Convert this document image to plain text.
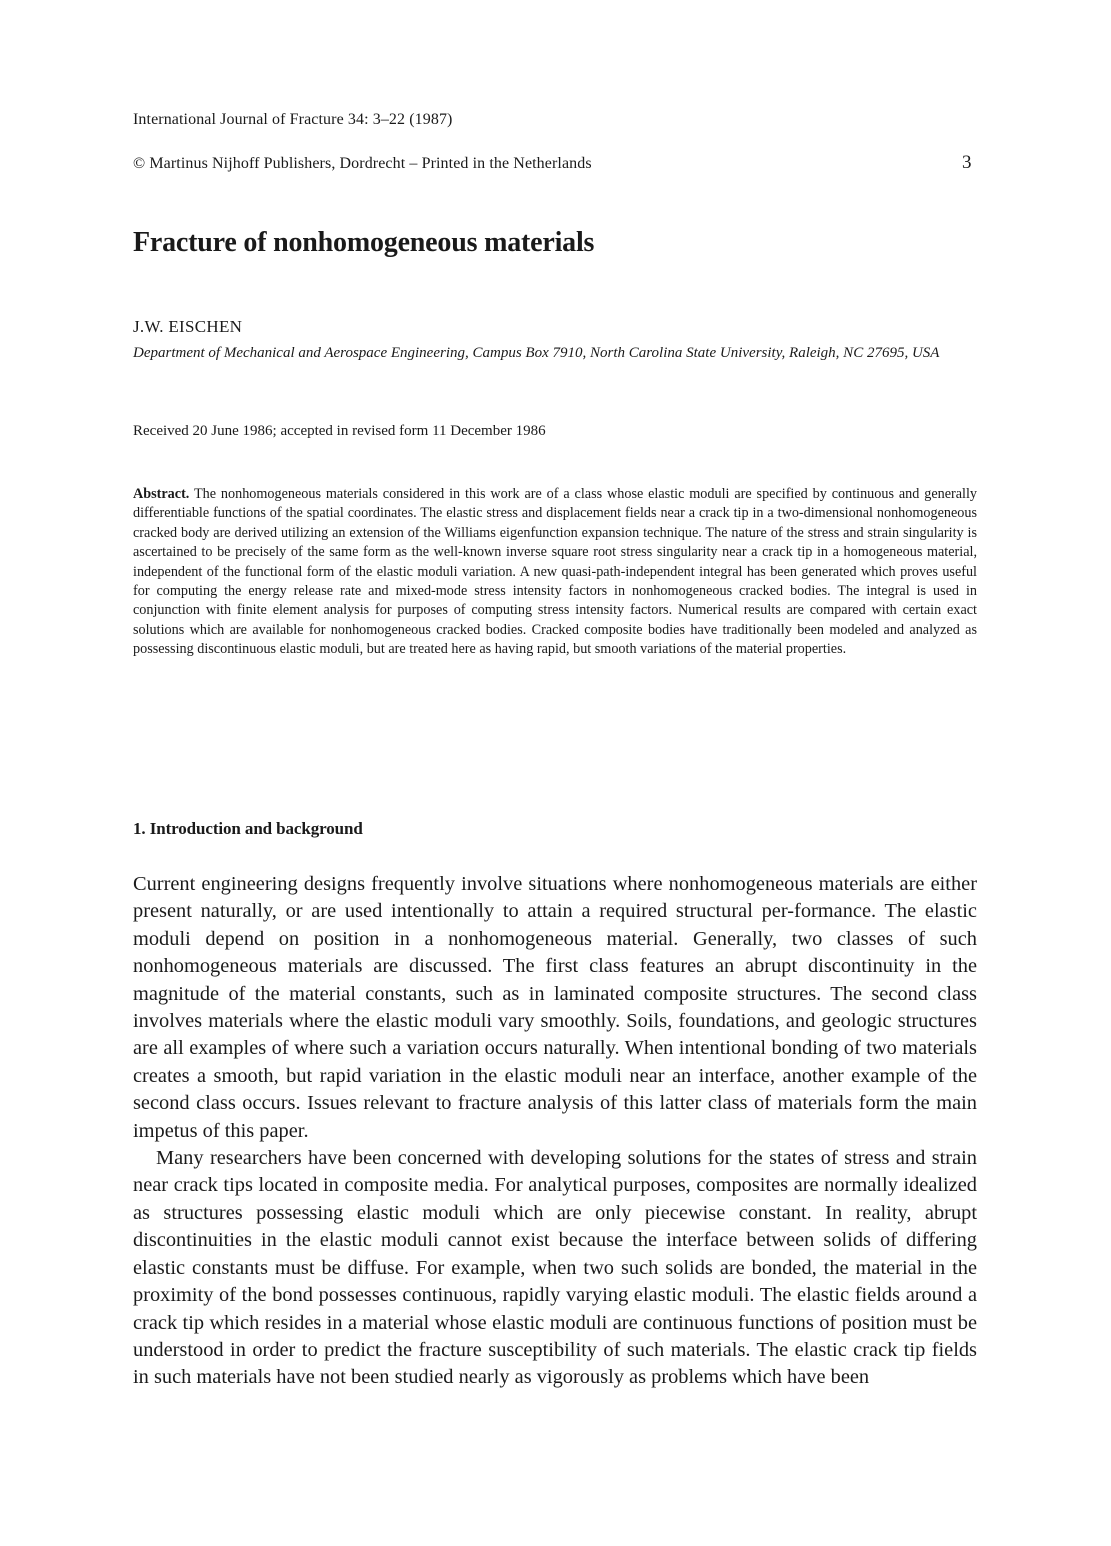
International Journal of Fracture 34: 3–22 (1987)
© Martinus Nijhoff Publishers, Dordrecht – Printed in the Netherlands	3
Fracture of nonhomogeneous materials
J.W. EISCHEN
Department of Mechanical and Aerospace Engineering, Campus Box 7910, North Carolina State University, Raleigh, NC 27695, USA
Received 20 June 1986; accepted in revised form 11 December 1986

Abstract. The nonhomogeneous materials considered in this work are of a class whose elastic moduli are specified by continuous and generally differentiable functions of the spatial coordinates. The elastic stress and displacement fields near a crack tip in a two-dimensional nonhomogeneous cracked body are derived utilizing an extension of the Williams eigenfunction expansion technique. The nature of the stress and strain singularity is ascertained to be precisely of the same form as the well-known inverse square root stress singularity near a crack tip in a homogeneous material, independent of the functional form of the elastic moduli variation. A new quasi-path-independent integral has been generated which proves useful for computing the energy release rate and mixed-mode stress intensity factors in nonhomogeneous cracked bodies. The integral is used in conjunction with finite element analysis for purposes of computing stress intensity factors. Numerical results are compared with certain exact solutions which are available for nonhomogeneous cracked bodies. Cracked composite bodies have traditionally been modeled and analyzed as possessing discontinuous elastic moduli, but are treated here as having rapid, but smooth variations of the material properties.

1. Introduction and background

Current engineering designs frequently involve situations where nonhomogeneous materials are either present naturally, or are used intentionally to attain a required structural per-formance. The elastic moduli depend on position in a nonhomogeneous material. Generally, two classes of such nonhomogeneous materials are discussed. The first class features an abrupt discontinuity in the magnitude of the material constants, such as in laminated composite structures. The second class involves materials where the elastic moduli vary smoothly. Soils, foundations, and geologic structures are all examples of where such a variation occurs naturally. When intentional bonding of two materials creates a smooth, but rapid variation in the elastic moduli near an interface, another example of the second class occurs. Issues relevant to fracture analysis of this latter class of materials form the main impetus of this paper.

Many researchers have been concerned with developing solutions for the states of stress and strain near crack tips located in composite media. For analytical purposes, composites are normally idealized as structures possessing elastic moduli which are only piecewise constant. In reality, abrupt discontinuities in the elastic moduli cannot exist because the interface between solids of differing elastic constants must be diffuse. For example, when two such solids are bonded, the material in the proximity of the bond possesses continuous, rapidly varying elastic moduli. The elastic fields around a crack tip which resides in a material whose elastic moduli are continuous functions of position must be understood in order to predict the fracture susceptibility of such materials. The elastic crack tip fields in such materials have not been studied nearly as vigorously as problems which have been
